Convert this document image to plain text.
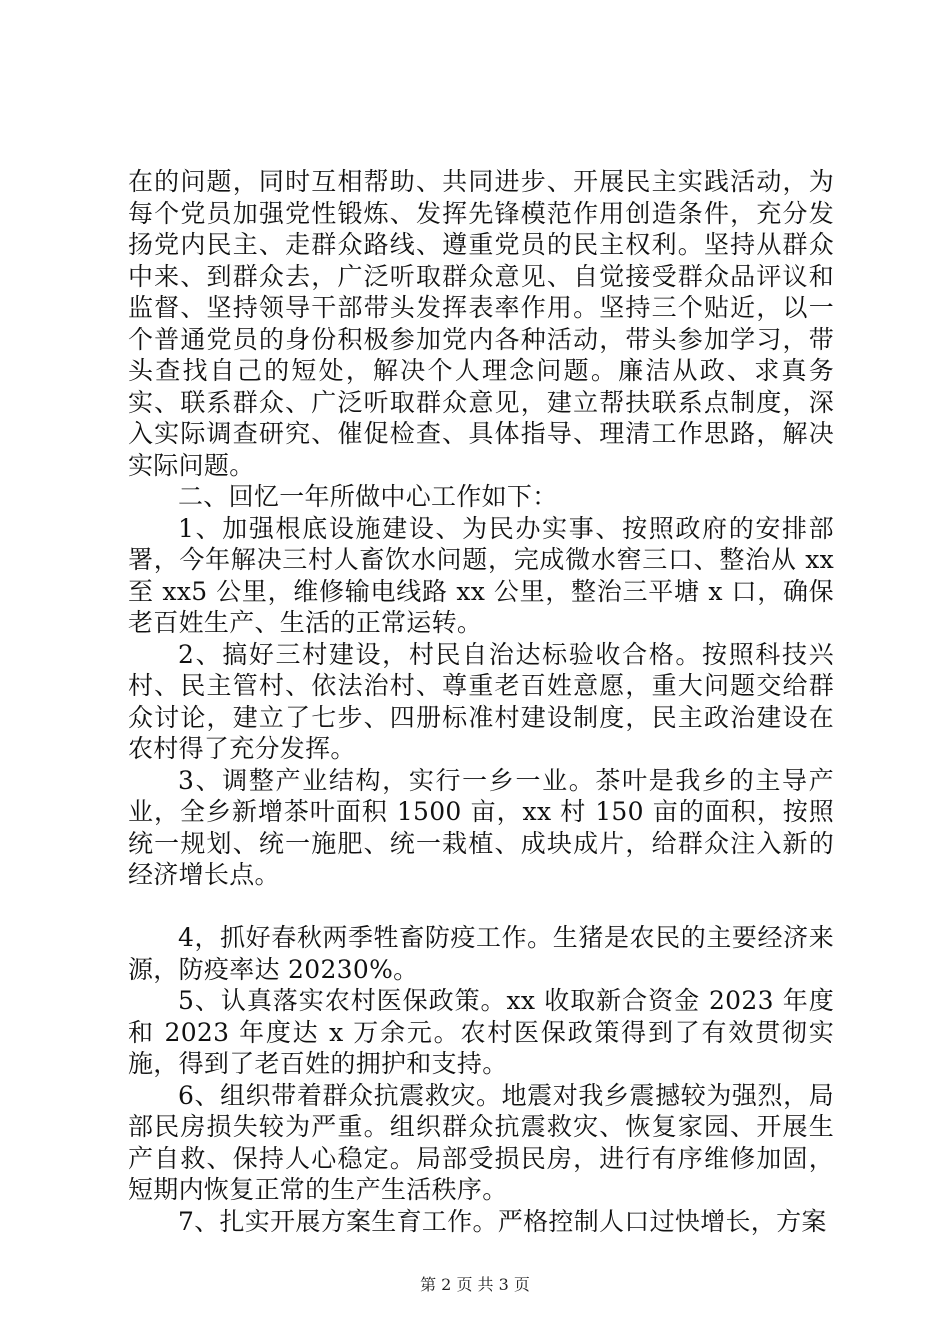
在的问题，同时互相帮助、共同进步、开展民主实践活动，为每个党员加强党性锻炼、发挥先锋模范作用创造条件，充分发扬党内民主、走群众路线、遵重党员的民主权利。坚持从群众中来、到群众去，广泛听取群众意见、自觉接受群众品评议和监督、坚持领导干部带头发挥表率作用。坚持三个贴近，以一个普通党员的身份积极参加党内各种活动，带头参加学习，带头查找自己的短处，解决个人理念问题。廉洁从政、求真务实、联系群众、广泛听取群众意见，建立帮扶联系点制度，深入实际调查研究、催促检查、具体指导、理清工作思路，解决实际问题。

二、回忆一年所做中心工作如下：

1、加强根底设施建设、为民办实事、按照政府的安排部署，今年解决三村人畜饮水问题，完成微水窖三口、整治从 xx 至 xx5 公里，维修输电线路 xx 公里，整治三平塘 x 口，确保老百姓生产、生活的正常运转。

2、搞好三村建设，村民自治达标验收合格。按照科技兴村、民主管村、依法治村、尊重老百姓意愿，重大问题交给群众讨论，建立了七步、四册标准村建设制度，民主政治建设在农村得了充分发挥。

3、调整产业结构，实行一乡一业。茶叶是我乡的主导产业，全乡新增茶叶面积 1500 亩，xx 村 150 亩的面积，按照统一规划、统一施肥、统一栽植、成块成片，给群众注入新的经济增长点。

4，抓好春秋两季牲畜防疫工作。生猪是农民的主要经济来源，防疫率达 20230%。

5、认真落实农村医保政策。xx 收取新合资金 2023 年度和 2023 年度达 x 万余元。农村医保政策得到了有效贯彻实施，得到了老百姓的拥护和支持。

6、组织带着群众抗震救灾。地震对我乡震撼较为强烈，局部民房损失较为严重。组织群众抗震救灾、恢复家园、开展生产自救、保持人心稳定。局部受损民房，进行有序维修加固，短期内恢复正常的生产生活秩序。

7、扎实开展方案生育工作。严格控制人口过快增长，方案

第 2 页 共 3 页
